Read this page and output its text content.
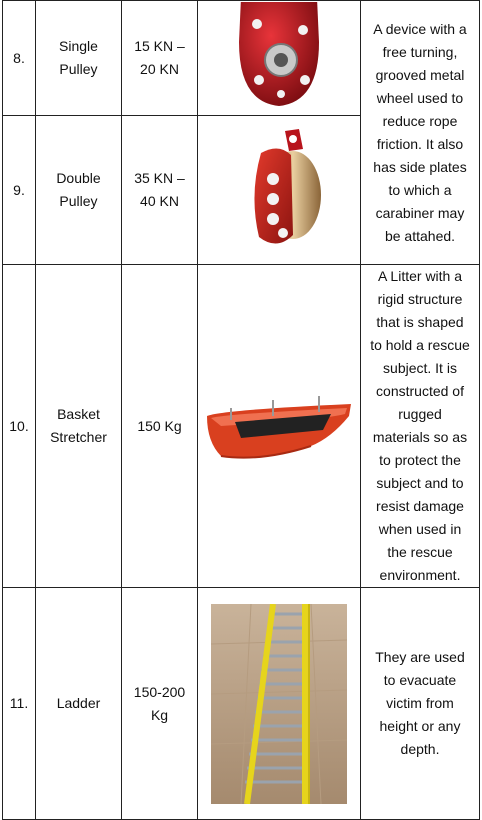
8.	Single Pulley	15 KN – 20 KN		A device with a free turning, grooved metal wheel used to reduce rope friction. It also has side plates to which a carabiner may be attahed.

9.	Double Pulley	35 KN – 40 KN	

10.	Basket Stretcher	150 Kg		A Litter with a rigid structure that is shaped to hold a rescue subject. It is constructed of rugged materials so as to protect the subject and to resist damage when used in the rescue environment.

11.	Ladder	150-200 Kg		They are used to evacuate victim from height or any depth.
